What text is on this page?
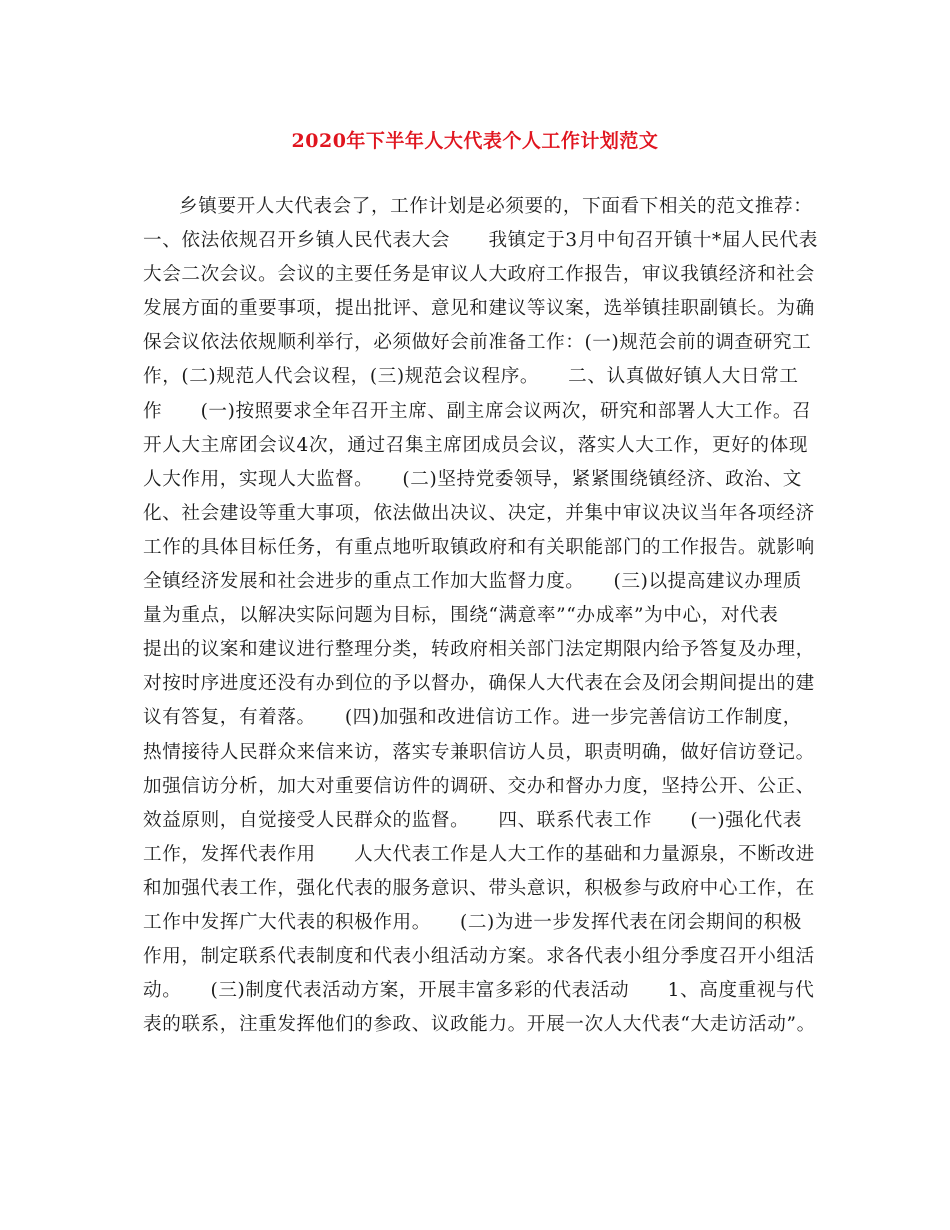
2020年下半年人大代表个人工作计划范文
乡镇要开人大代表会了，工作计划是必须要的，下面看下相关的范文推荐：
一、依法依规召开乡镇人民代表大会　　我镇定于3月中旬召开镇十*届人民代表
大会二次会议。会议的主要任务是审议人大政府工作报告，审议我镇经济和社会
发展方面的重要事项，提出批评、意见和建议等议案，选举镇挂职副镇长。为确
保会议依法依规顺利举行，必须做好会前准备工作：(一)规范会前的调查研究工
作，(二)规范人代会议程，(三)规范会议程序。　　二、认真做好镇人大日常工
作　　(一)按照要求全年召开主席、副主席会议两次，研究和部署人大工作。召
开人大主席团会议4次，通过召集主席团成员会议，落实人大工作，更好的体现
人大作用，实现人大监督。　　(二)坚持党委领导，紧紧围绕镇经济、政治、文
化、社会建设等重大事项，依法做出决议、决定，并集中审议决议当年各项经济
工作的具体目标任务，有重点地听取镇政府和有关职能部门的工作报告。就影响
全镇经济发展和社会进步的重点工作加大监督力度。　　(三)以提高建议办理质
量为重点，以解决实际问题为目标，围绕“满意率”“办成率”为中心，对代表
提出的议案和建议进行整理分类，转政府相关部门法定期限内给予答复及办理，
对按时序进度还没有办到位的予以督办，确保人大代表在会及闭会期间提出的建
议有答复，有着落。　　(四)加强和改进信访工作。进一步完善信访工作制度，
热情接待人民群众来信来访，落实专兼职信访人员，职责明确，做好信访登记。
加强信访分析，加大对重要信访件的调研、交办和督办力度，坚持公开、公正、
效益原则，自觉接受人民群众的监督。　　四、联系代表工作　　(一)强化代表
工作，发挥代表作用　　人大代表工作是人大工作的基础和力量源泉，不断改进
和加强代表工作，强化代表的服务意识、带头意识，积极参与政府中心工作，在
工作中发挥广大代表的积极作用。　　(二)为进一步发挥代表在闭会期间的积极
作用，制定联系代表制度和代表小组活动方案。求各代表小组分季度召开小组活
动。　　(三)制度代表活动方案，开展丰富多彩的代表活动　　1、高度重视与代
表的联系，注重发挥他们的参政、议政能力。开展一次人大代表“大走访活动”。
